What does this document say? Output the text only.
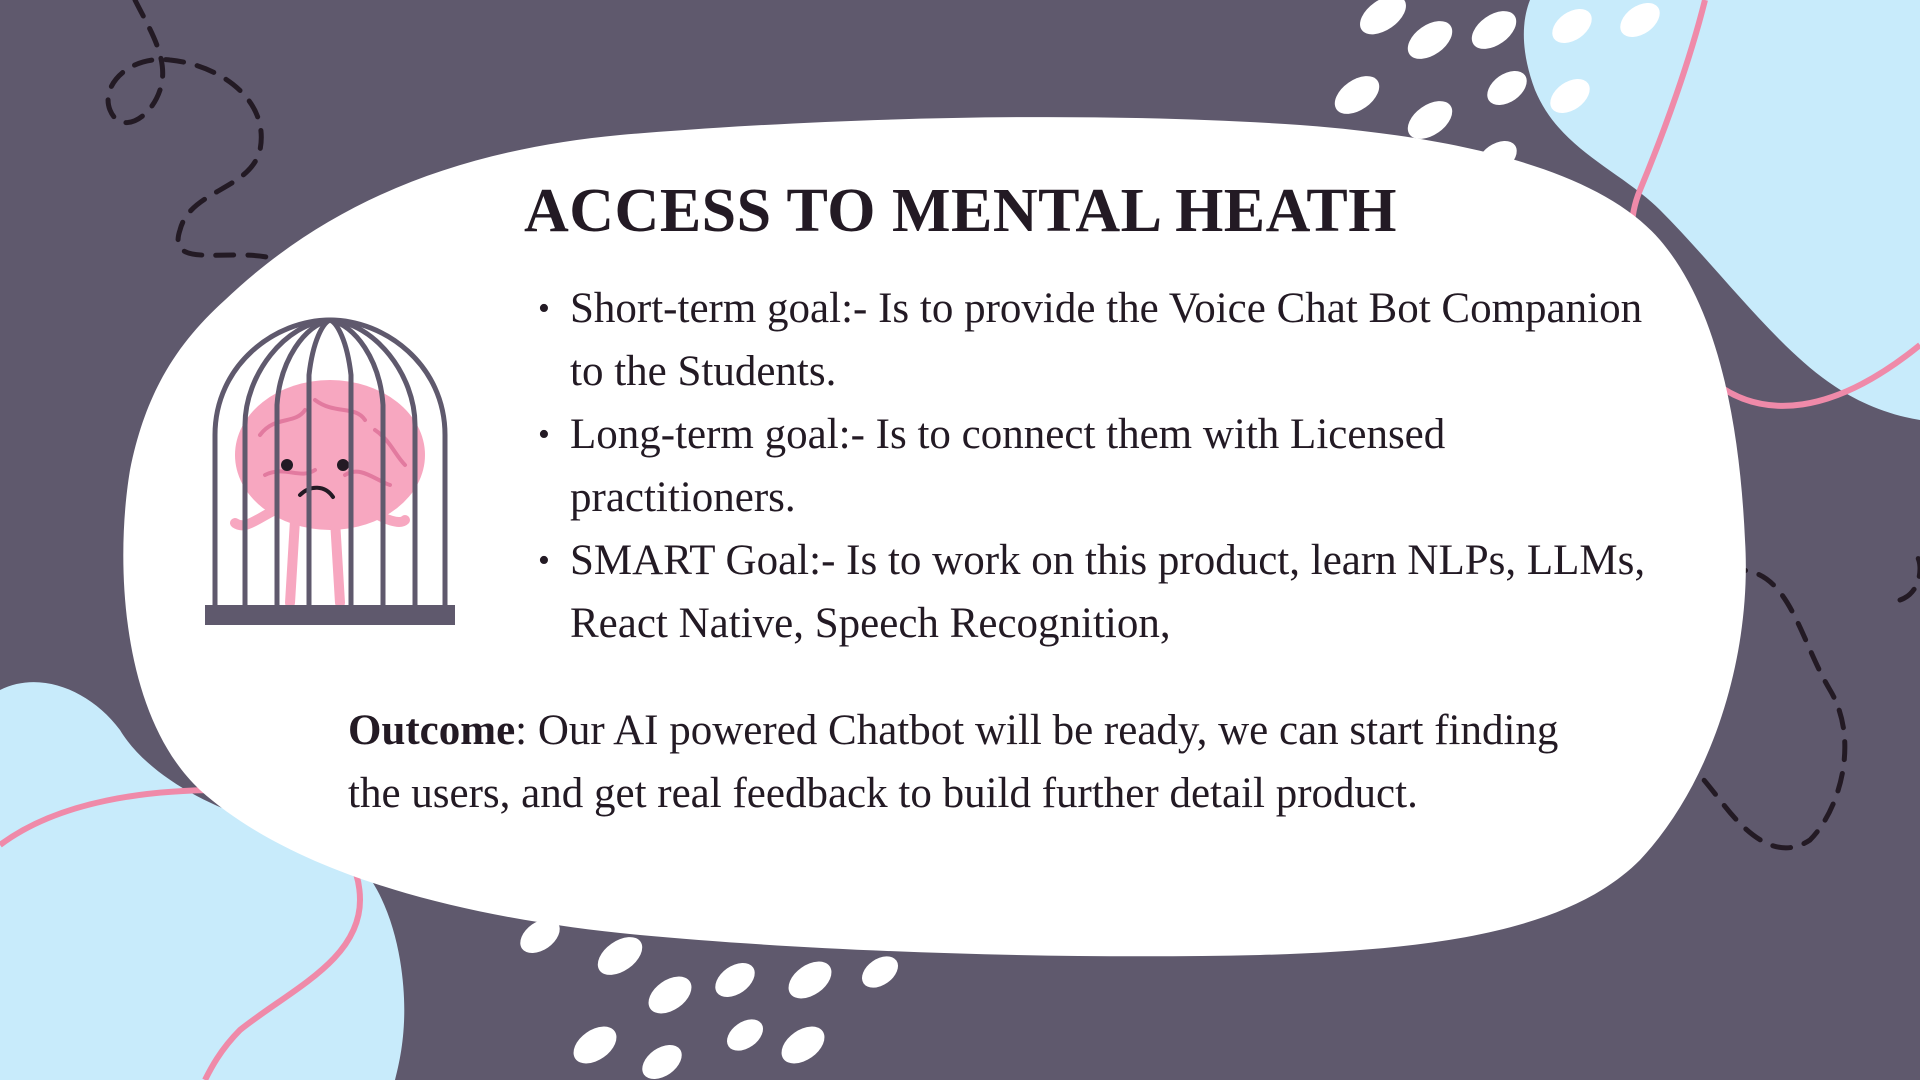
ACCESS TO MENTAL HEATH
• Short-term goal:- Is to provide the Voice Chat Bot Companion to the Students.
• Long-term goal:- Is to connect them with Licensed practitioners.
• SMART Goal:- Is to work on this product, learn NLPs, LLMs, React Native, Speech Recognition,

Outcome: Our AI powered Chatbot will be ready, we can start finding the users, and get real feedback to build further detail product.
